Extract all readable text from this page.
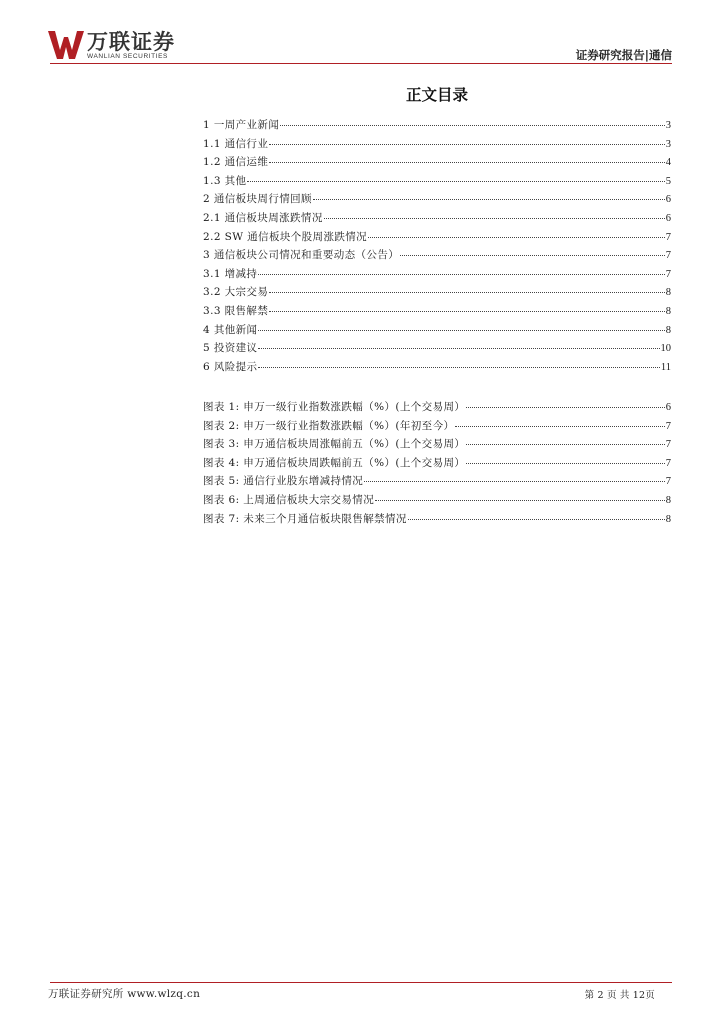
万联证券
WANLIAN SECURITIES	证券研究报告|通信
正文目录
1 一周产业新闻	3
1.1 通信行业	3
1.2 通信运维	4
1.3 其他	5
2 通信板块周行情回顾	6
2.1 通信板块周涨跌情况	6
2.2 SW 通信板块个股周涨跌情况	7
3 通信板块公司情况和重要动态（公告）	7
3.1 增减持	7
3.2 大宗交易	8
3.3 限售解禁	8
4 其他新闻	8
5 投资建议	10
6 风险提示	11
图表 1: 申万一级行业指数涨跌幅（%）(上个交易周）	6
图表 2: 申万一级行业指数涨跌幅（%）(年初至今）	7
图表 3: 申万通信板块周涨幅前五（%）(上个交易周）	7
图表 4: 申万通信板块周跌幅前五（%）(上个交易周）	7
图表 5: 通信行业股东增减持情况	7
图表 6: 上周通信板块大宗交易情况	8
图表 7: 未来三个月通信板块限售解禁情况	8
万联证券研究所 www.wlzq.cn	第 2 页 共 12页
